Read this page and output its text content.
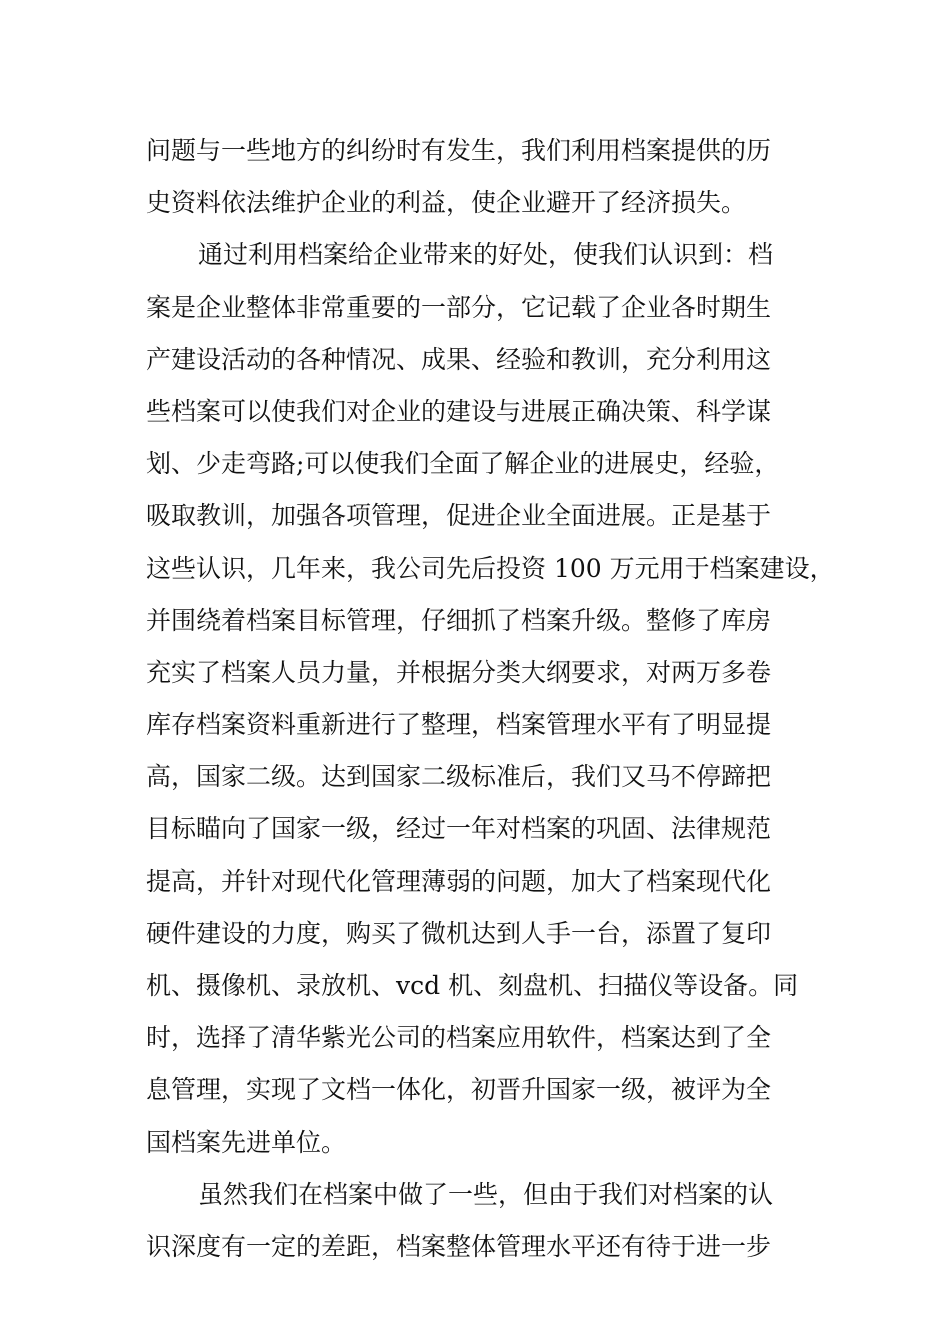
问题与一些地方的纠纷时有发生，我们利用档案提供的历
史资料依法维护企业的利益，使企业避开了经济损失。
通过利用档案给企业带来的好处，使我们认识到：档
案是企业整体非常重要的一部分，它记载了企业各时期生
产建设活动的各种情况、成果、经验和教训，充分利用这
些档案可以使我们对企业的建设与进展正确决策、科学谋
划、少走弯路;可以使我们全面了解企业的进展史，经验，
吸取教训，加强各项管理，促进企业全面进展。正是基于
这些认识，几年来，我公司先后投资 100 万元用于档案建设，
并围绕着档案目标管理，仔细抓了档案升级。整修了库房
充实了档案人员力量，并根据分类大纲要求，对两万多卷
库存档案资料重新进行了整理，档案管理水平有了明显提
高，国家二级。达到国家二级标准后，我们又马不停蹄把
目标瞄向了国家一级，经过一年对档案的巩固、法律规范
提高，并针对现代化管理薄弱的问题，加大了档案现代化
硬件建设的力度，购买了微机达到人手一台，添置了复印
机、摄像机、录放机、vcd 机、刻盘机、扫描仪等设备。同
时，选择了清华紫光公司的档案应用软件，档案达到了全
息管理，实现了文档一体化，初晋升国家一级，被评为全
国档案先进单位。
虽然我们在档案中做了一些，但由于我们对档案的认
识深度有一定的差距，档案整体管理水平还有待于进一步
